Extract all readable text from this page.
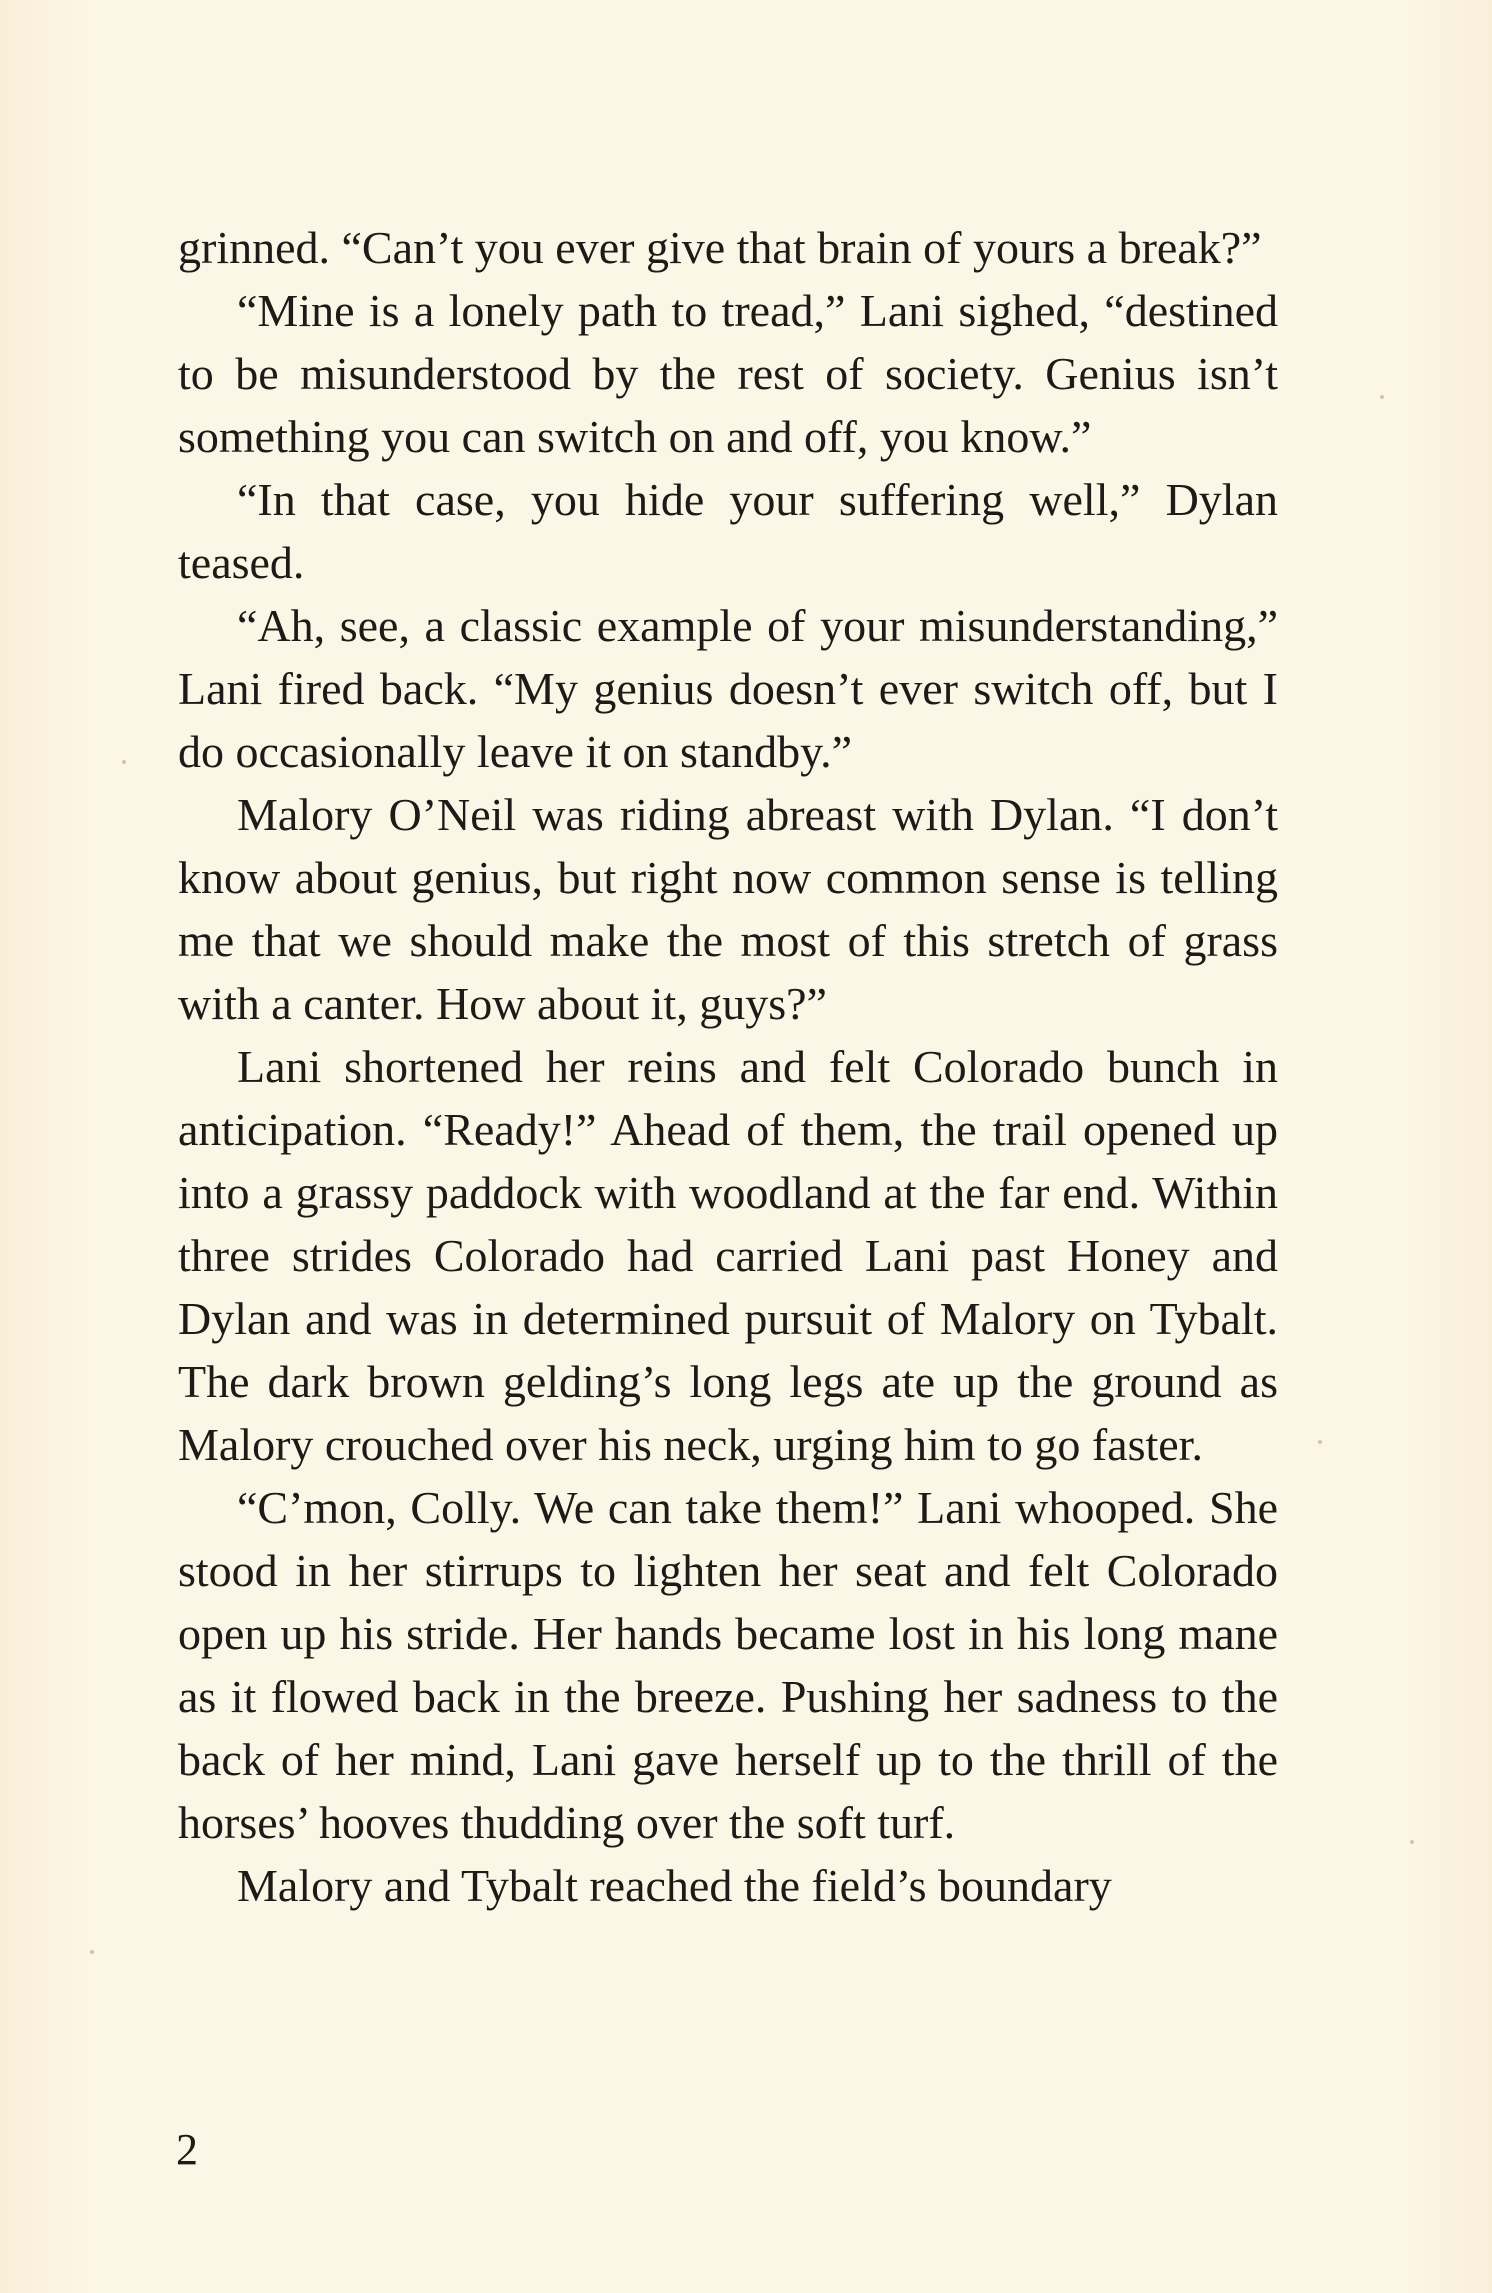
grinned. “Can’t you ever give that brain of yours a break?”

“Mine is a lonely path to tread,” Lani sighed, “destined to be misunderstood by the rest of society. Genius isn’t something you can switch on and off, you know.”

“In that case, you hide your suffering well,” Dylan teased.

“Ah, see, a classic example of your misunderstanding,” Lani fired back. “My genius doesn’t ever switch off, but I do occasionally leave it on standby.”

Malory O’Neil was riding abreast with Dylan. “I don’t know about genius, but right now common sense is telling me that we should make the most of this stretch of grass with a canter. How about it, guys?”

Lani shortened her reins and felt Colorado bunch in anticipation. “Ready!” Ahead of them, the trail opened up into a grassy paddock with woodland at the far end. Within three strides Colorado had carried Lani past Honey and Dylan and was in determined pursuit of Malory on Tybalt. The dark brown gelding’s long legs ate up the ground as Malory crouched over his neck, urging him to go faster.

“C’mon, Colly. We can take them!” Lani whooped. She stood in her stirrups to lighten her seat and felt Colorado open up his stride. Her hands became lost in his long mane as it flowed back in the breeze. Pushing her sadness to the back of her mind, Lani gave herself up to the thrill of the horses’ hooves thudding over the soft turf.

Malory and Tybalt reached the field’s boundary

2
